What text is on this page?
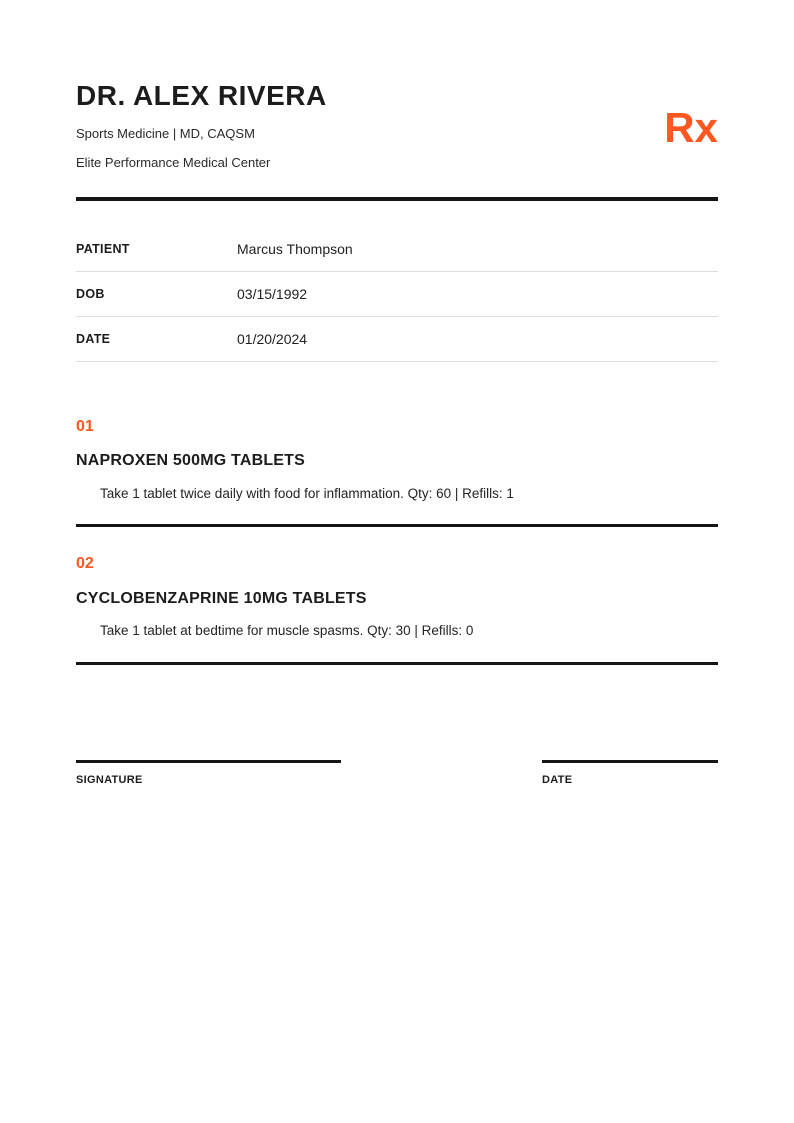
DR. ALEX RIVERA

Sports Medicine | MD, CAQSM

Elite Performance Medical Center

Rx
PATIENT	Marcus Thompson
DOB	03/15/1992
DATE	01/20/2024
01
NAPROXEN 500MG TABLETS
Take 1 tablet twice daily with food for inflammation. Qty: 60 | Refills: 1
02
CYCLOBENZAPRINE 10MG TABLETS
Take 1 tablet at bedtime for muscle spasms. Qty: 30 | Refills: 0
SIGNATURE	DATE
